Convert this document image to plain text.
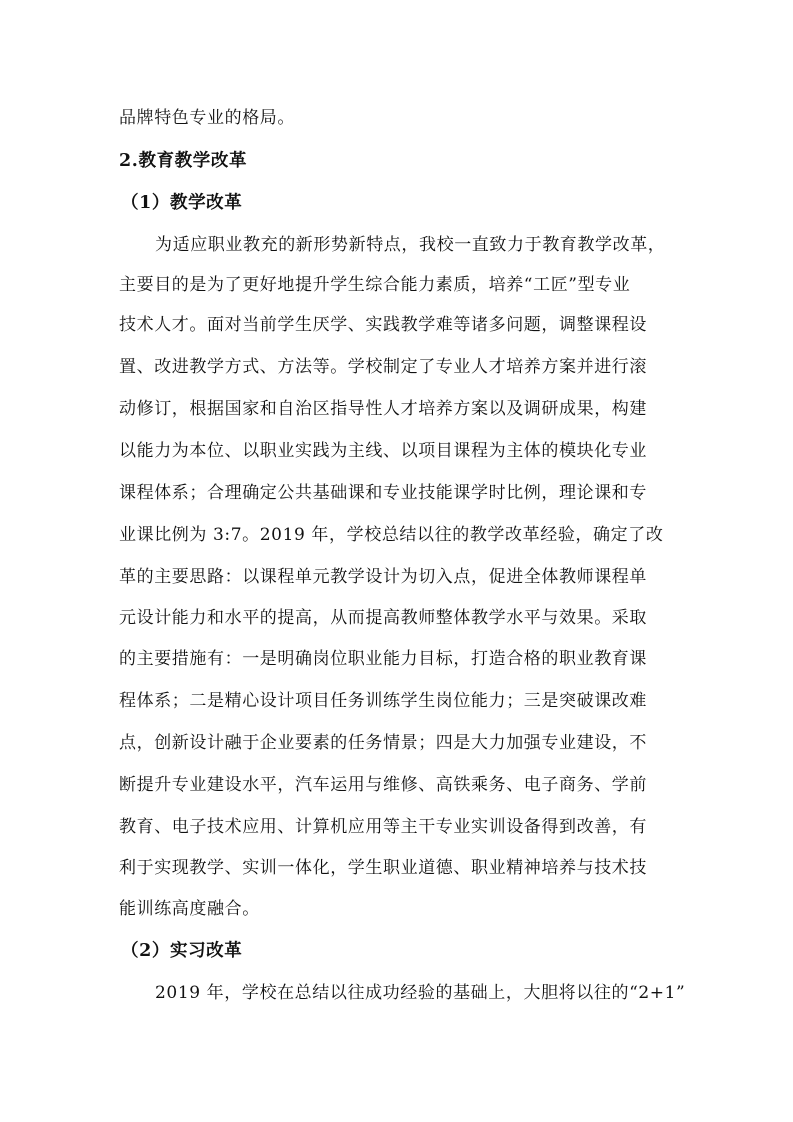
品牌特色专业的格局。
2.教育教学改革
（1）教学改革
为适应职业教充的新形势新特点，我校一直致力于教育教学改革，
主要目的是为了更好地提升学生综合能力素质，培养“工匠”型专业
技术人才。面对当前学生厌学、实践教学难等诸多问题，调整课程设
置、改进教学方式、方法等。学校制定了专业人才培养方案并进行滚
动修订，根据国家和自治区指导性人才培养方案以及调研成果，构建
以能力为本位、以职业实践为主线、以项目课程为主体的模块化专业
课程体系；合理确定公共基础课和专业技能课学时比例，理论课和专
业课比例为 3:7。2019 年，学校总结以往的教学改革经验，确定了改
革的主要思路：以课程单元教学设计为切入点，促进全体教师课程单
元设计能力和水平的提高，从而提高教师整体教学水平与效果。采取
的主要措施有：一是明确岗位职业能力目标，打造合格的职业教育课
程体系；二是精心设计项目任务训练学生岗位能力；三是突破课改难
点，创新设计融于企业要素的任务情景；四是大力加强专业建设，不
断提升专业建设水平，汽车运用与维修、高铁乘务、电子商务、学前
教育、电子技术应用、计算机应用等主干专业实训设备得到改善，有
利于实现教学、实训一体化，学生职业道德、职业精神培养与技术技
能训练高度融合。
（2）实习改革
2019 年，学校在总结以往成功经验的基础上，大胆将以往的“2+1”
